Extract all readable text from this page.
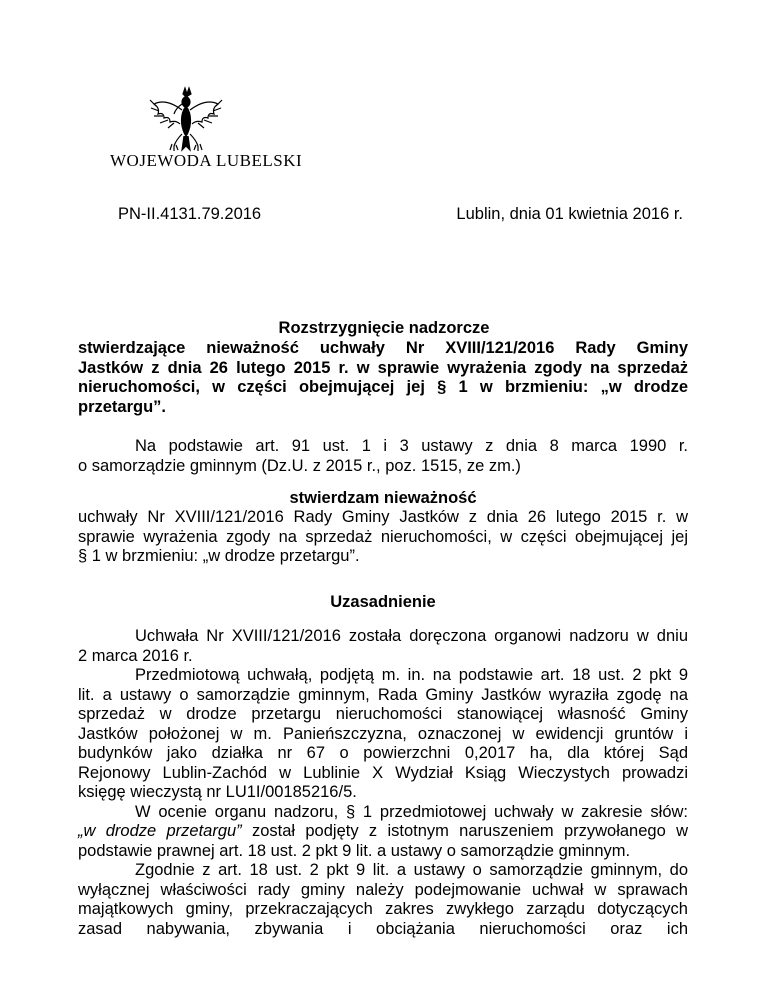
WOJEWODA LUBELSKI
PN-II.4131.79.2016	Lublin, dnia 01 kwietnia 2016 r.
Rozstrzygnięcie nadzorcze
stwierdzające nieważność uchwały Nr XVIII/121/2016 Rady Gminy
Jastków z dnia 26 lutego 2015 r. w sprawie wyrażenia zgody na sprzedaż
nieruchomości, w części obejmującej jej § 1 w brzmieniu: „w drodze
przetargu”.
Na podstawie art. 91 ust. 1 i 3 ustawy z dnia 8 marca 1990 r.
o samorządzie gminnym (Dz.U. z 2015 r., poz. 1515, ze zm.)
stwierdzam nieważność
uchwały Nr XVIII/121/2016 Rady Gminy Jastków z dnia 26 lutego 2015 r. w
sprawie wyrażenia zgody na sprzedaż nieruchomości, w części obejmującej jej
§ 1 w brzmieniu: „w drodze przetargu”.
Uzasadnienie
Uchwała Nr XVIII/121/2016 została doręczona organowi nadzoru w dniu
2 marca 2016 r.
Przedmiotową uchwałą, podjętą m. in. na podstawie art. 18 ust. 2 pkt 9
lit. a ustawy o samorządzie gminnym, Rada Gminy Jastków wyraziła zgodę na
sprzedaż w drodze przetargu nieruchomości stanowiącej własność Gminy
Jastków położonej w m. Panieńszczyzna, oznaczonej w ewidencji gruntów i
budynków jako działka nr 67 o powierzchni 0,2017 ha, dla której Sąd
Rejonowy Lublin-Zachód w Lublinie X Wydział Ksiąg Wieczystych prowadzi
księgę wieczystą nr LU1I/00185216/5.
W ocenie organu nadzoru, § 1 przedmiotowej uchwały w zakresie słów:
„w drodze przetargu” został podjęty z istotnym naruszeniem przywołanego w
podstawie prawnej art. 18 ust. 2 pkt 9 lit. a ustawy o samorządzie gminnym.
Zgodnie z art. 18 ust. 2 pkt 9 lit. a ustawy o samorządzie gminnym, do
wyłącznej właściwości rady gminy należy podejmowanie uchwał w sprawach
majątkowych gminy, przekraczających zakres zwykłego zarządu dotyczących
zasad nabywania, zbywania i obciążania nieruchomości oraz ich
